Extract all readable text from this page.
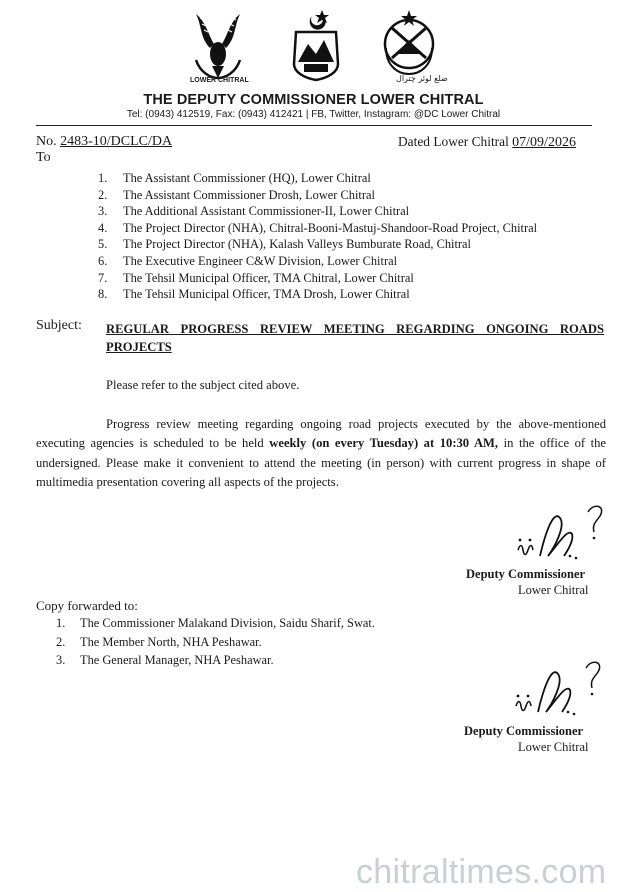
LOWER CHITRAL	ضلع لوئر چترال
THE DEPUTY COMMISSIONER LOWER CHITRAL
Tel: (0943) 412519, Fax: (0943) 412421 | FB, Twitter, Instagram: @DC Lower Chitral
No. 2483-10/DCLC/DA	Dated Lower Chitral 07/09/2026
To
1. The Assistant Commissioner (HQ), Lower Chitral
2. The Assistant Commissioner Drosh, Lower Chitral
3. The Additional Assistant Commissioner-II, Lower Chitral
4. The Project Director (NHA), Chitral-Booni-Mastuj-Shandoor-Road Project, Chitral
5. The Project Director (NHA), Kalash Valleys Bumburate Road, Chitral
6. The Executive Engineer C&W Division, Lower Chitral
7. The Tehsil Municipal Officer, TMA Chitral, Lower Chitral
8. The Tehsil Municipal Officer, TMA Drosh, Lower Chitral
Subject: REGULAR PROGRESS REVIEW MEETING REGARDING ONGOING ROADS PROJECTS
Please refer to the subject cited above.
Progress review meeting regarding ongoing road projects executed by the above-mentioned executing agencies is scheduled to be held weekly (on every Tuesday) at 10:30 AM, in the office of the undersigned. Please make it convenient to attend the meeting (in person) with current progress in shape of multimedia presentation covering all aspects of the projects.
Deputy Commissioner
Lower Chitral
Copy forwarded to:
1. The Commissioner Malakand Division, Saidu Sharif, Swat.
2. The Member North, NHA Peshawar.
3. The General Manager, NHA Peshawar.
Deputy Commissioner
Lower Chitral
chitraltimes.com
